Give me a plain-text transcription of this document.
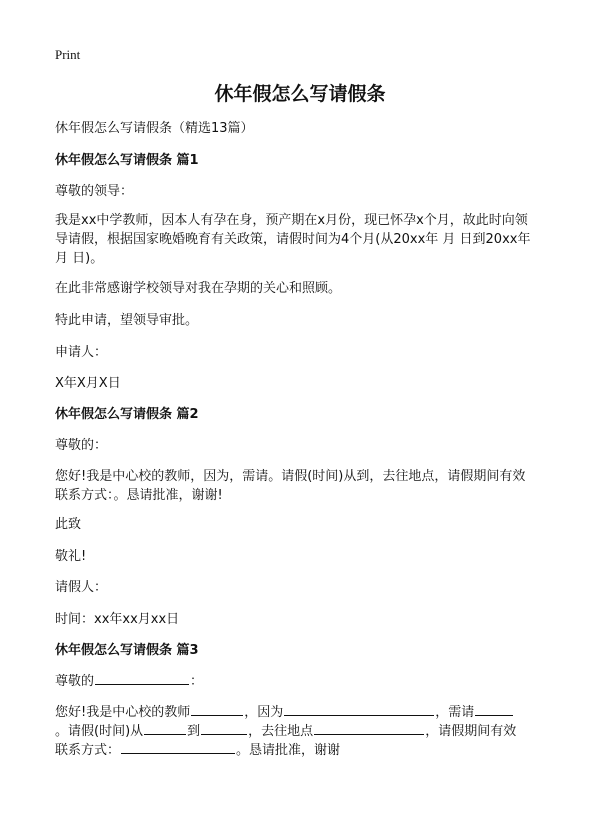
Print
休年假怎么写请假条
休年假怎么写请假条（精选13篇）
休年假怎么写请假条 篇1
尊敬的领导：
我是xx中学教师，因本人有孕在身，预产期在x月份，现已怀孕x个月，故此时向领
导请假，根据国家晚婚晚育有关政策，请假时间为4个月(从20xx年 月 日到20xx年
月 日)。
在此非常感谢学校领导对我在孕期的关心和照顾。
特此申请，望领导审批。
申请人：
X年X月X日
休年假怎么写请假条 篇2
尊敬的：
您好!我是中心校的教师，因为，需请。请假(时间)从到，去往地点，请假期间有效
联系方式：。恳请批准，谢谢!
此致
敬礼!
请假人：
时间：xx年xx月xx日
休年假怎么写请假条 篇3
尊敬的	：
您好!我是中心校的教师	，因为	，需请
。请假(时间)从	到	，去往地点	，请假期间有效
联系方式：	。恳请批准，谢谢
